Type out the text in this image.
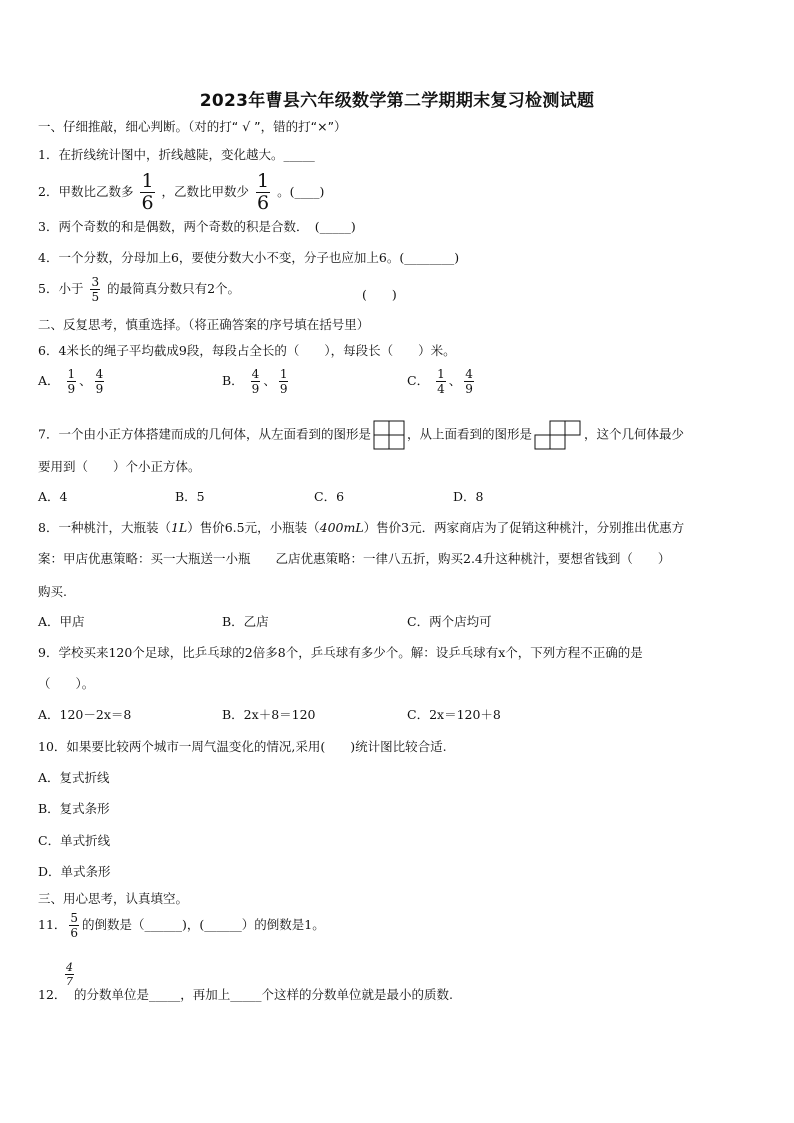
2023年曹县六年级数学第二学期期末复习检测试题
一、仔细推敲，细心判断。（对的打“ √ ”，错的打“×”）
1．在折线统计图中，折线越陡，变化越大。_____
2．甲数比乙数多 $\frac{1}{6}$ ，乙数比甲数少 $\frac{1}{6}$ 。(____)
3．两个奇数的和是偶数，两个奇数的积是合数．　(_____)
4．一个分数，分母加上6，要使分数大小不变，分子也应加上6。(________)
5．小于 $\frac{3}{5}$ 的最简真分数只有2个。	(　　)
二、反复思考，慎重选择。（将正确答案的序号填在括号里）
6．4米长的绳子平均截成9段，每段占全长的（　　），每段长（　　）米。
A． $\frac{1}{9}$ 、 $\frac{4}{9}$	B． $\frac{4}{9}$ 、 $\frac{1}{9}$	C． $\frac{1}{4}$ 、 $\frac{4}{9}$
7．一个由小正方体搭建而成的几何体，从左面看到的图形是	，从上面看到的图形是	，这个几何体最少
要用到（　　）个小正方体。
A．4	B．5	C．6	D．8
8．一种桃汁，大瓶装（1L）售价6.5元，小瓶装（400mL）售价3元．两家商店为了促销这种桃汁，分别推出优惠方
案：甲店优惠策略：买一大瓶送一小瓶　　乙店优惠策略：一律八五折，购买2.4升这种桃汁，要想省钱到（　　）
购买.
A．甲店	B．乙店	C．两个店均可
9．学校买来120个足球，比乒乓球的2倍多8个，乒乓球有多少个。解：设乒乓球有x个，下列方程不正确的是
（　　）。
A．120－2x＝8	B．2x＋8＝120	C．2x＝120＋8
10．如果要比较两个城市一周气温变化的情况,采用(　　)统计图比较合适.
A．复式折线
B．复式条形
C．单式折线
D．单式条形
三、用心思考，认真填空。
11． $\frac{5}{6}$ 的倒数是（______)，(______）的倒数是1。
12．
$\frac{4}{7}$
的分数单位是_____，再加上_____个这样的分数单位就是最小的质数.
